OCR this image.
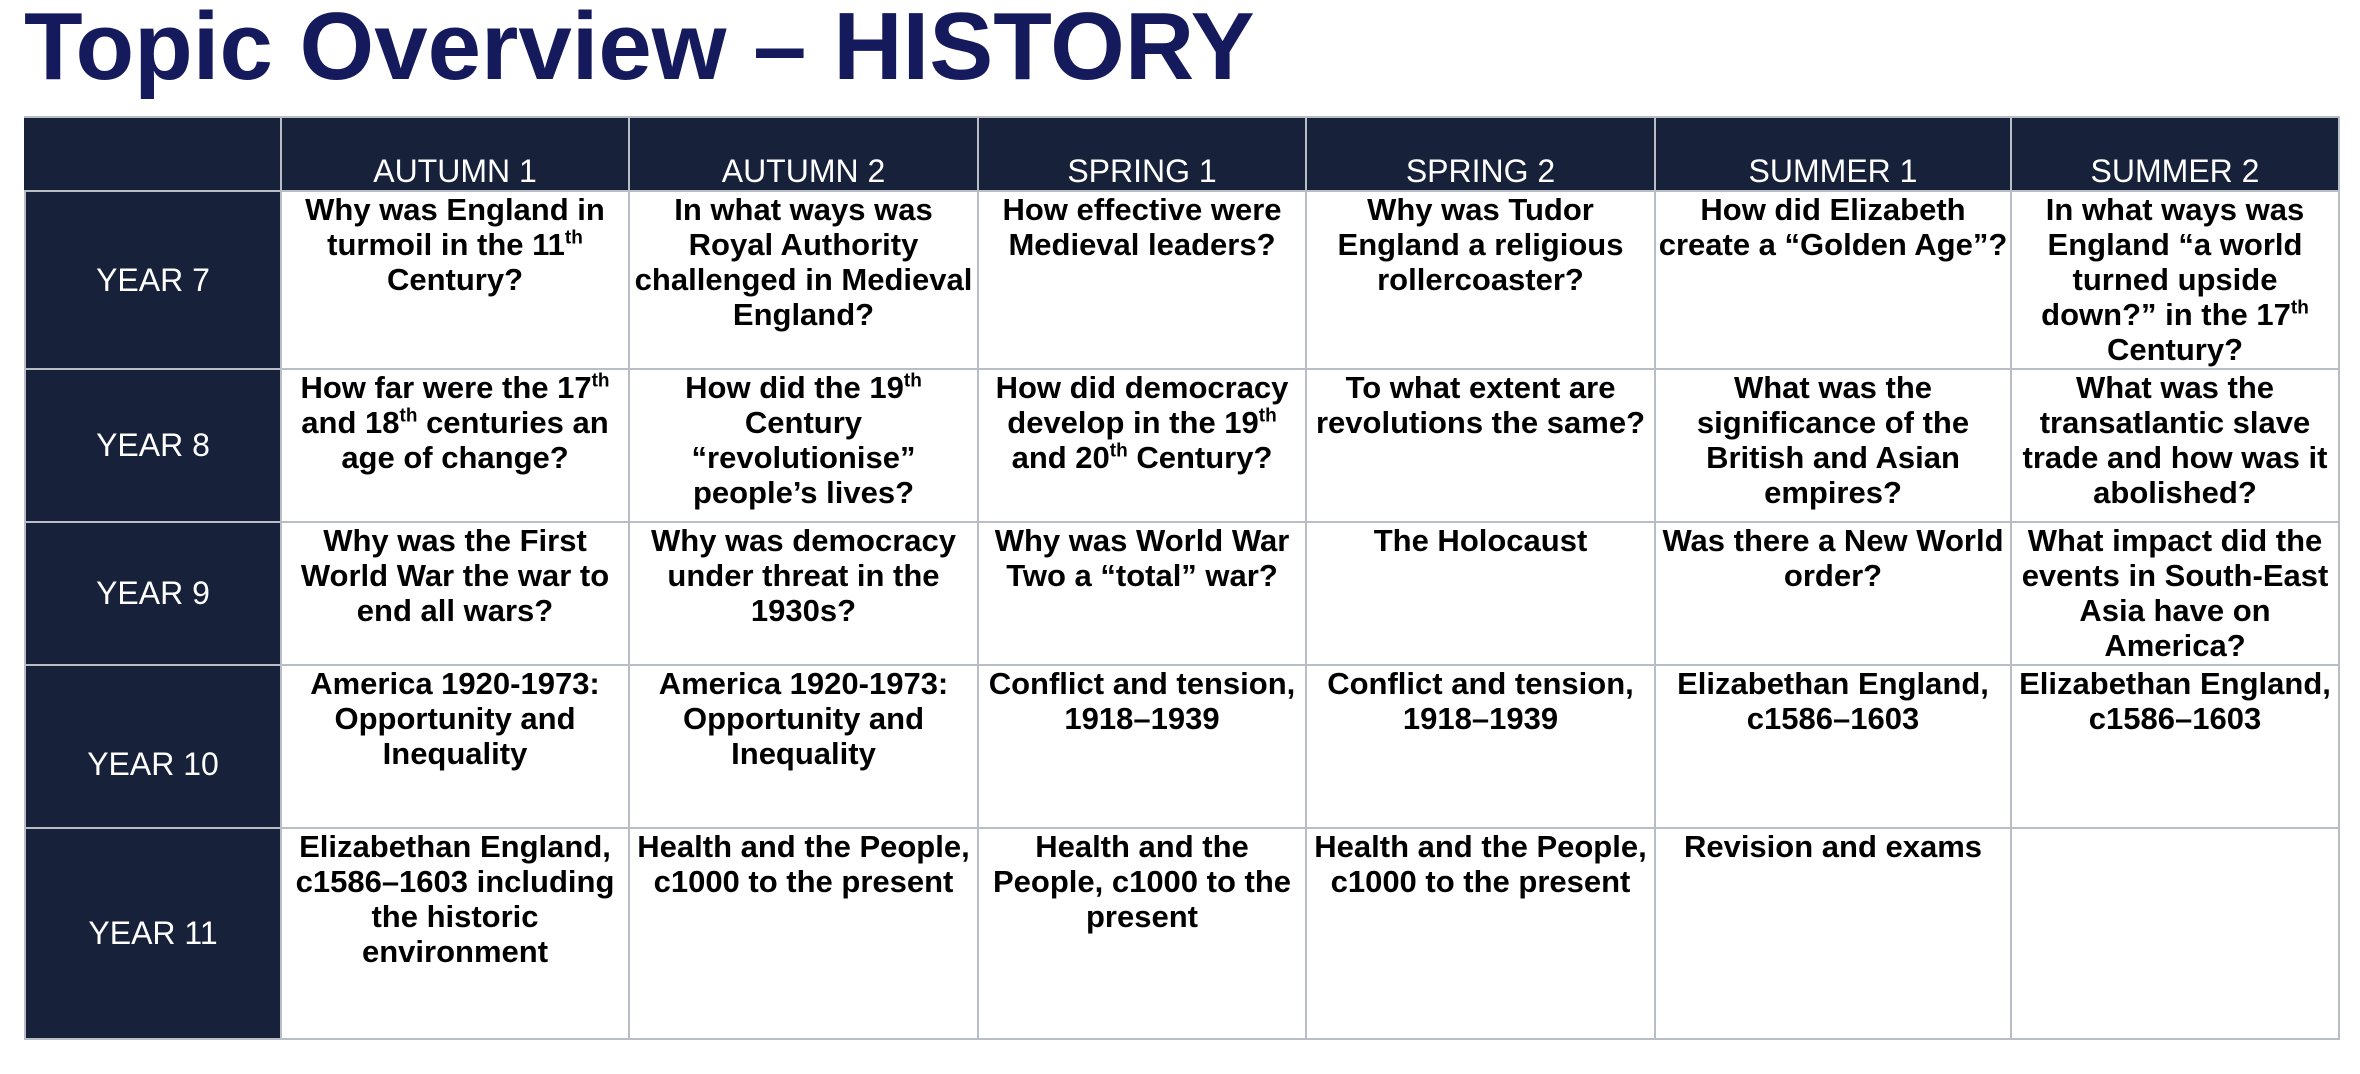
Topic Overview – HISTORY
	AUTUMN 1	AUTUMN 2	SPRING 1	SPRING 2	SUMMER 1	SUMMER 2
YEAR 7	Why was England in turmoil in the 11th Century?	In what ways was Royal Authority challenged in Medieval England?	How effective were Medieval leaders?	Why was Tudor England a religious rollercoaster?	How did Elizabeth create a “Golden Age”?	In what ways was England “a world turned upside down?” in the 17th Century?
YEAR 8	How far were the 17th and 18th centuries an age of change?	How did the 19th Century “revolutionise” people’s lives?	How did democracy develop in the 19th and 20th Century?	To what extent are revolutions the same?	What was the significance of the British and Asian empires?	What was the transatlantic slave trade and how was it abolished?
YEAR 9	Why was the First World War the war to end all wars?	Why was democracy under threat in the 1930s?	Why was World War Two a “total” war?	The Holocaust	Was there a New World order?	What impact did the events in South-East Asia have on America?
YEAR 10	America 1920-1973: Opportunity and Inequality	America 1920-1973: Opportunity and Inequality	Conflict and tension, 1918–1939	Conflict and tension, 1918–1939	Elizabethan England, c1586–1603	Elizabethan England, c1586–1603
YEAR 11	Elizabethan England, c1586–1603 including the historic environment	Health and the People, c1000 to the present	Health and the People, c1000 to the present	Health and the People, c1000 to the present	Revision and exams	
